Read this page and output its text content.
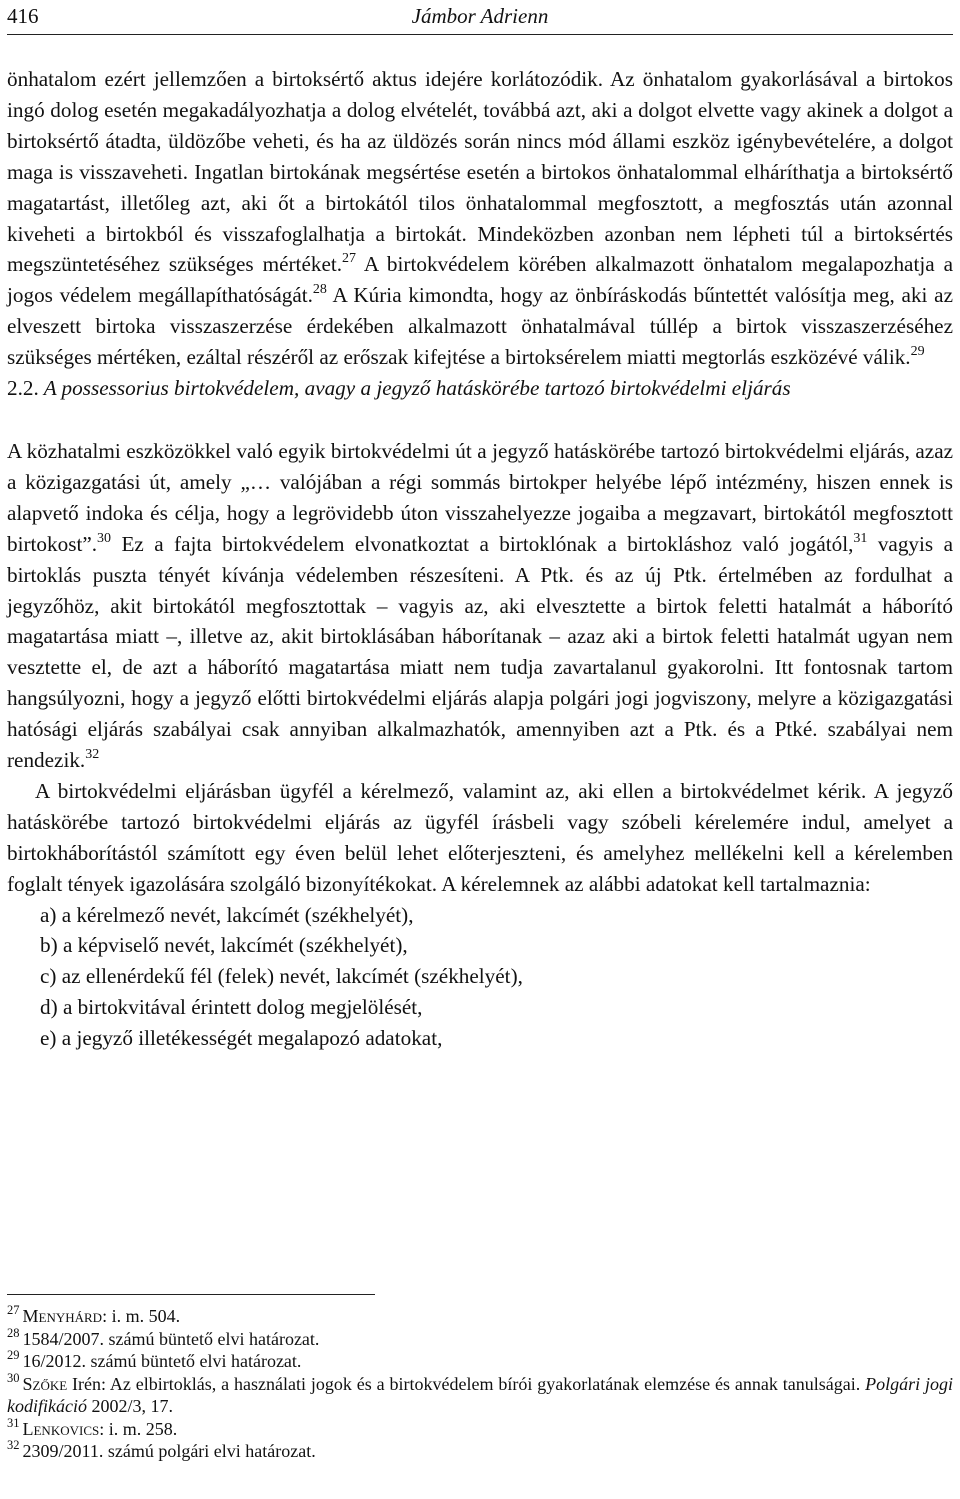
416	Jámbor Adrienn

önhatalom ezért jellemzően a birtoksértő aktus idejére korlátozódik. Az önhatalom gyakorlásával a birtokos ingó dolog esetén megakadályozhatja a dolog elvételét, továbbá azt, aki a dolgot elvette vagy akinek a dolgot a birtoksértő átadta, üldözőbe veheti, és ha az üldözés során nincs mód állami eszköz igénybevételére, a dolgot maga is visszaveheti. Ingatlan birtokának megsértése esetén a birtokos önhatalommal elháríthatja a birtoksértő magatartást, illetőleg azt, aki őt a birtokától tilos önhatalommal megfosztott, a megfosztás után azonnal kiveheti a birtokból és visszafoglalhatja a birtokát. Mindeközben azonban nem lépheti túl a birtoksértés megszüntetéséhez szükséges mértéket.$^{27}$ A birtokvédelem körében alkalmazott önhatalom megalapozhatja a jogos védelem megállapíthatóságát.$^{28}$ A Kúria kimondta, hogy az önbíráskodás bűntettét valósítja meg, aki az elveszett birtoka visszaszerzése érdekében alkalmazott önhatalmával túllép a birtok visszaszerzéséhez szükséges mértéken, ezáltal részéről az erőszak kifejtése a birtoksérelem miatti megtorlás eszközévé válik.$^{29}$

2.2. A possessorius birtokvédelem, avagy a jegyző hatáskörébe tartozó birtokvédelmi eljárás

A közhatalmi eszközökkel való egyik birtokvédelmi út a jegyző hatáskörébe tartozó birtokvédelmi eljárás, azaz a közigazgatási út, amely „… valójában a régi sommás birtokper helyébe lépő intézmény, hiszen ennek is alapvető indoka és célja, hogy a legrövidebb úton visszahelyezze jogaiba a megzavart, birtokától megfosztott birtokost”.$^{30}$ Ez a fajta birtokvédelem elvonatkoztat a birtoklónak a birtokláshoz való jogától,$^{31}$ vagyis a birtoklás puszta tényét kívánja védelemben részesíteni. A Ptk. és az új Ptk. értelmében az fordulhat a jegyzőhöz, akit birtokától megfosztottak – vagyis az, aki elvesztette a birtok feletti hatalmát a háborító magatartása miatt –, illetve az, akit birtoklásában háborítanak – azaz aki a birtok feletti hatalmát ugyan nem vesztette el, de azt a háborító magatartása miatt nem tudja zavartalanul gyakorolni. Itt fontosnak tartom hangsúlyozni, hogy a jegyző előtti birtokvédelmi eljárás alapja polgári jogi jogviszony, melyre a közigazgatási hatósági eljárás szabályai csak annyiban alkalmazhatók, amennyiben azt a Ptk. és a Ptké. szabályai nem rendezik.$^{32}$

A birtokvédelmi eljárásban ügyfél a kérelmező, valamint az, aki ellen a birtokvédelmet kérik. A jegyző hatáskörébe tartozó birtokvédelmi eljárás az ügyfél írásbeli vagy szóbeli kérelemére indul, amelyet a birtokháborítástól számított egy éven belül lehet előterjeszteni, és amelyhez mellékelni kell a kérelemben foglalt tények igazolására szolgáló bizonyítékokat. A kérelemnek az alábbi adatokat kell tartalmaznia:

a) a kérelmező nevét, lakcímét (székhelyét),
b) a képviselő nevét, lakcímét (székhelyét),
c) az ellenérdekű fél (felek) nevét, lakcímét (székhelyét),
d) a birtokvitával érintett dolog megjelölését,
e) a jegyző illetékességét megalapozó adatokat,

$^{27}$ Menyhárd: i. m. 504.

$^{28}$ 1584/2007. számú büntető elvi határozat.

$^{29}$ 16/2012. számú büntető elvi határozat.

$^{30}$ Szőke Irén: Az elbirtoklás, a használati jogok és a birtokvédelem bírói gyakorlatának elemzése és annak tanulságai. Polgári jogi kodifikáció 2002/3, 17.

$^{31}$ Lenkovics: i. m. 258.

$^{32}$ 2309/2011. számú polgári elvi határozat.
